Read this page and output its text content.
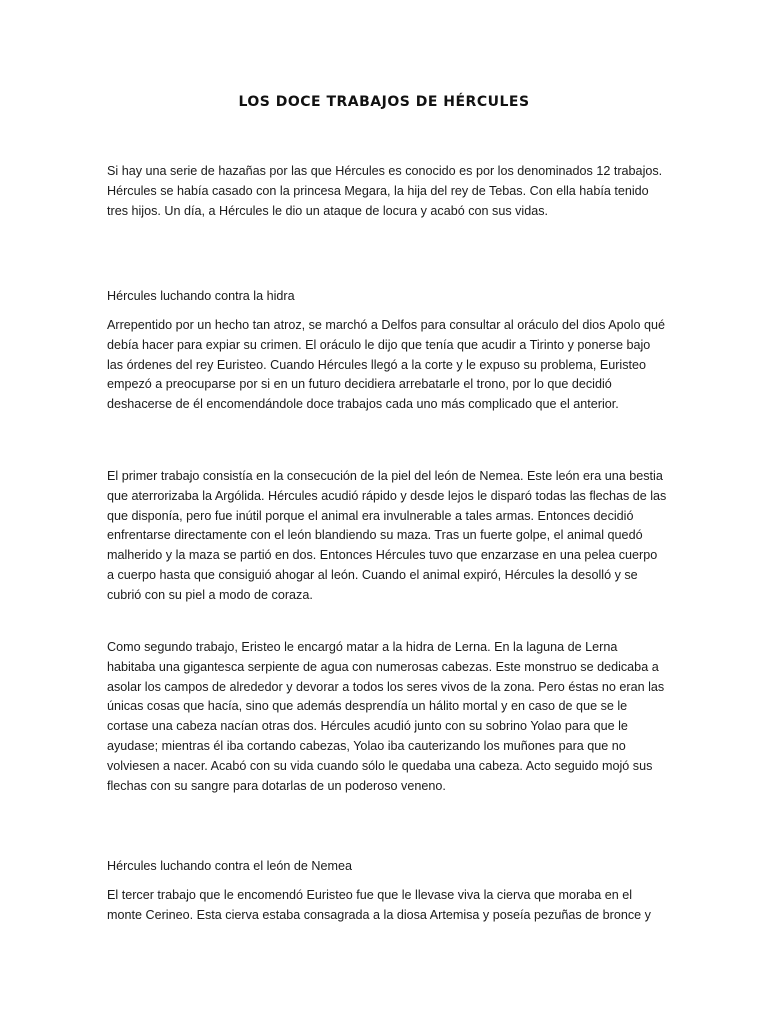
LOS DOCE TRABAJOS DE HÉRCULES

Si hay una serie de hazañas por las que Hércules es conocido es por los denominados 12 trabajos. Hércules se había casado con la princesa Megara, la hija del rey de Tebas. Con ella había tenido tres hijos. Un día, a Hércules le dio un ataque de locura y acabó con sus vidas.

Hércules luchando contra la hidra

Arrepentido por un hecho tan atroz, se marchó a Delfos para consultar al oráculo del dios Apolo qué debía hacer para expiar su crimen. El oráculo le dijo que tenía que acudir a Tirinto y ponerse bajo las órdenes del rey Euristeo. Cuando Hércules llegó a la corte y le expuso su problema, Euristeo empezó a preocuparse por si en un futuro decidiera arrebatarle el trono, por lo que decidió deshacerse de él encomendándole doce trabajos cada uno más complicado que el anterior.

El primer trabajo consistía en la consecución de la piel del león de Nemea. Este león era una bestia que aterrorizaba la Argólida. Hércules acudió rápido y desde lejos le disparó todas las flechas de las que disponía, pero fue inútil porque el animal era invulnerable a tales armas. Entonces decidió enfrentarse directamente con el león blandiendo su maza. Tras un fuerte golpe, el animal quedó malherido y la maza se partió en dos. Entonces Hércules tuvo que enzarzase en una pelea cuerpo a cuerpo hasta que consiguió ahogar al león. Cuando el animal expiró, Hércules la desolló y se cubrió con su piel a modo de coraza.

Como segundo trabajo, Eristeo le encargó matar a la hidra de Lerna. En la laguna de Lerna habitaba una gigantesca serpiente de agua con numerosas cabezas. Este monstruo se dedicaba a asolar los campos de alrededor y devorar a todos los seres vivos de la zona. Pero éstas no eran las únicas cosas que hacía, sino que además desprendía un hálito mortal y en caso de que se le cortase una cabeza nacían otras dos. Hércules acudió junto con su sobrino Yolao para que le ayudase; mientras él iba cortando cabezas, Yolao iba cauterizando los muñones para que no volviesen a nacer. Acabó con su vida cuando sólo le quedaba una cabeza. Acto seguido mojó sus flechas con su sangre para dotarlas de un poderoso veneno.

Hércules luchando contra el león de Nemea

El tercer trabajo que le encomendó Euristeo fue que le llevase viva la cierva que moraba en el monte Cerineo. Esta cierva estaba consagrada a la diosa Artemisa y poseía pezuñas de bronce y
